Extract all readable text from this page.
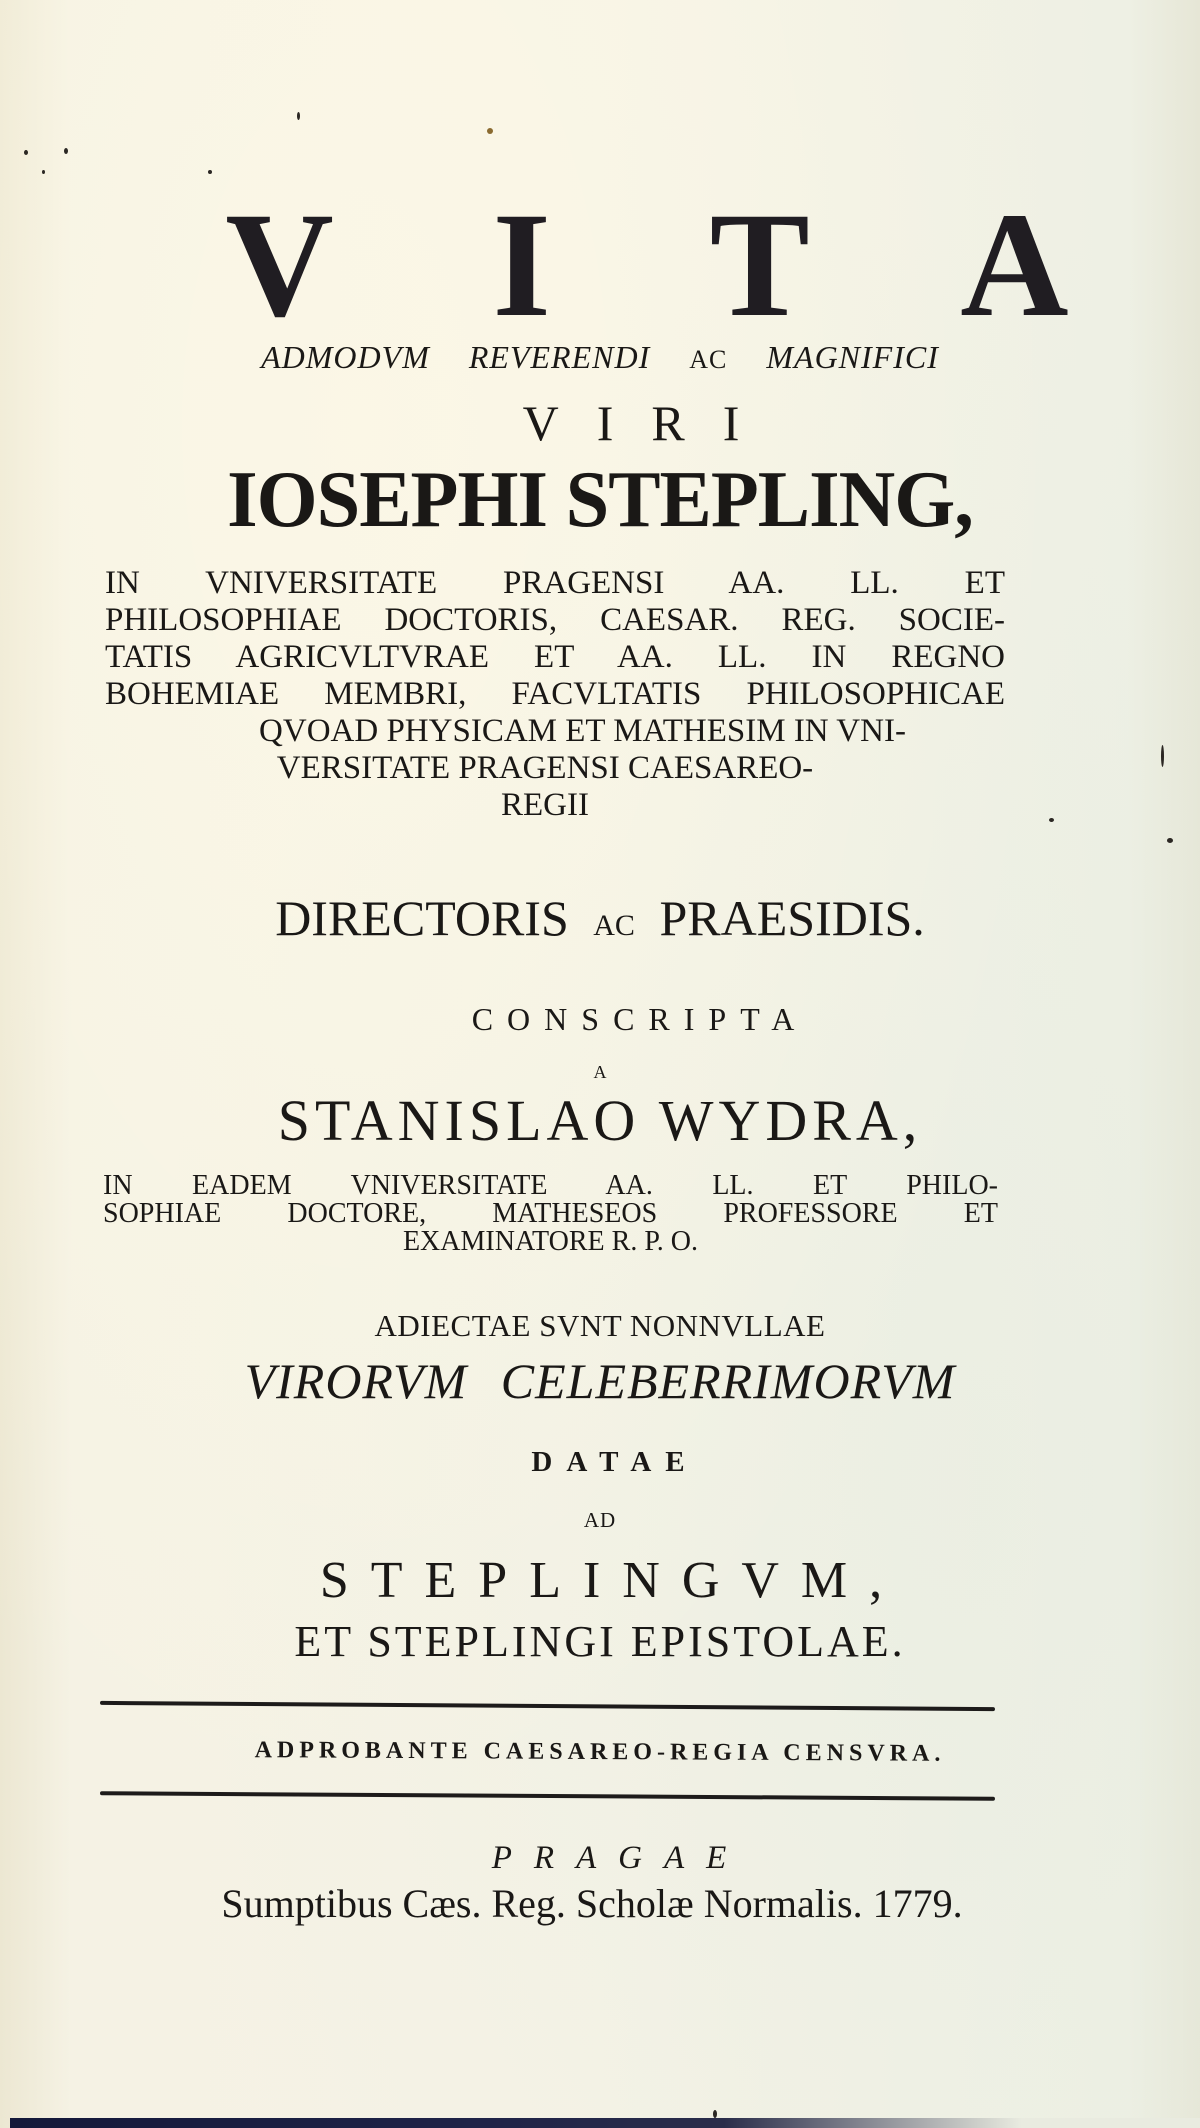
V I T A
ADMODVM REVERENDI AC MAGNIFICI
VIRI
IOSEPHI STEPLING,

IN VNIVERSITATE PRAGENSI AA. LL. ET

PHILOSOPHIAE DOCTORIS, CAESAR. REG. SOCIE-

TATIS AGRICVLTVRAE ET AA. LL. IN REGNO

BOHEMIAE MEMBRI, FACVLTATIS PHILOSOPHICAE

QVOAD PHYSICAM ET MATHESIM IN VNI-

VERSITATE PRAGENSI CAESAREO-

REGII

DIRECTORIS AC PRAESIDIS.
CONSCRIPTA
A
STANISLAO WYDRA,

IN EADEM VNIVERSITATE AA. LL. ET PHILO-

SOPHIAE DOCTORE, MATHESEOS PROFESSORE ET

EXAMINATORE R. P. O.

ADIECTAE SVNT NONNVLLAE
VIRORVM CELEBERRIMORVM
DATAE
AD
STEPLINGVM,
ET STEPLINGI EPISTOLAE.
ADPROBANTE CAESAREO-REGIA CENSVRA.
PRAGAE
Sumptibus Cæs. Reg. Scholæ Normalis. 1779.
